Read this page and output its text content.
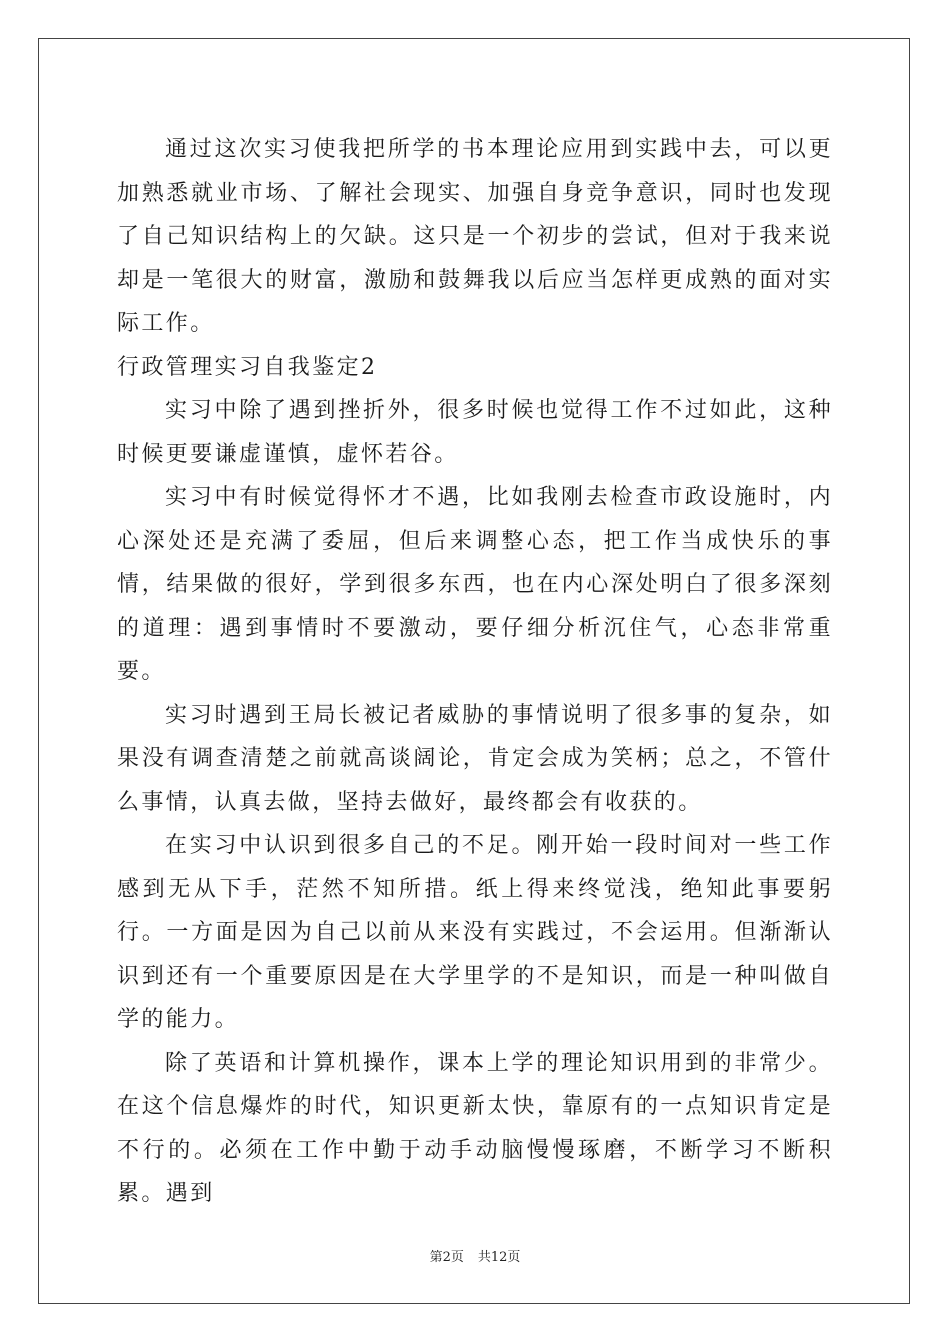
通过这次实习使我把所学的书本理论应用到实践中去，可以更加熟悉就业市场、了解社会现实、加强自身竞争意识，同时也发现了自己知识结构上的欠缺。这只是一个初步的尝试，但对于我来说却是一笔很大的财富，激励和鼓舞我以后应当怎样更成熟的面对实际工作。

行政管理实习自我鉴定2

实习中除了遇到挫折外，很多时候也觉得工作不过如此，这种时候更要谦虚谨慎，虚怀若谷。

实习中有时候觉得怀才不遇，比如我刚去检查市政设施时，内心深处还是充满了委屈，但后来调整心态，把工作当成快乐的事情，结果做的很好，学到很多东西，也在内心深处明白了很多深刻的道理：遇到事情时不要激动，要仔细分析沉住气，心态非常重要。

实习时遇到王局长被记者威胁的事情说明了很多事的复杂，如果没有调查清楚之前就高谈阔论，肯定会成为笑柄；总之，不管什么事情，认真去做，坚持去做好，最终都会有收获的。

在实习中认识到很多自己的不足。刚开始一段时间对一些工作感到无从下手，茫然不知所措。纸上得来终觉浅，绝知此事要躬行。一方面是因为自己以前从来没有实践过，不会运用。但渐渐认识到还有一个重要原因是在大学里学的不是知识，而是一种叫做自学的能力。

除了英语和计算机操作，课本上学的理论知识用到的非常少。在这个信息爆炸的时代，知识更新太快，靠原有的一点知识肯定是不行的。必须在工作中勤于动手动脑慢慢琢磨，不断学习不断积累。遇到

第2页 共12页
